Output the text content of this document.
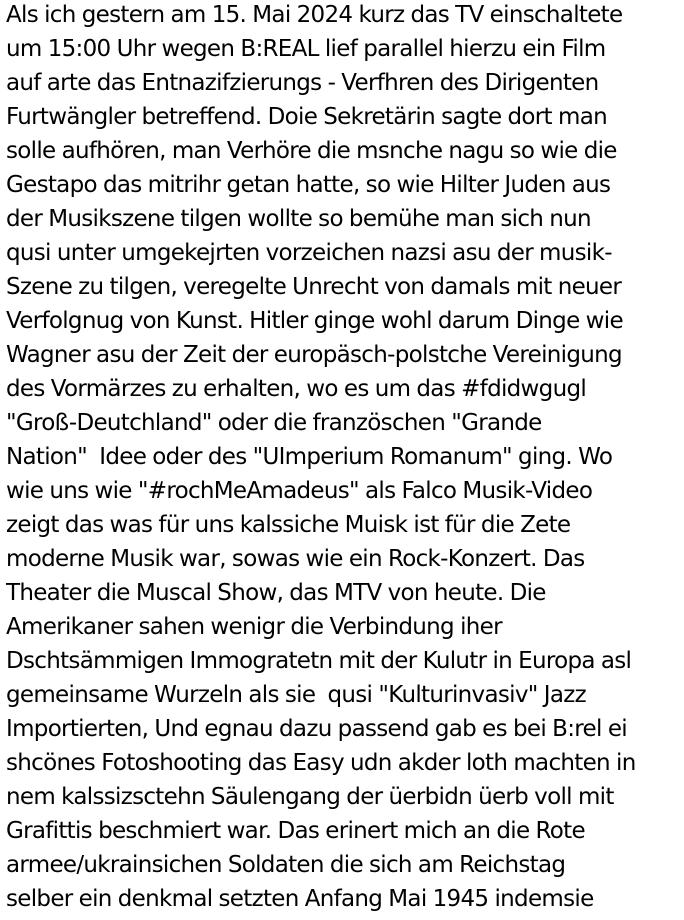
Als ich gestern am 15. Mai 2024 kurz das TV einschaltete
um 15:00 Uhr wegen B:REAL lief parallel hierzu ein Film
auf arte das Entnazifzierungs - Verfhren des Dirigenten
Furtwängler betreffend. Doie Sekretärin sagte dort man
solle aufhören, man Verhöre die msnche nagu so wie die
Gestapo das mitrihr getan hatte, so wie Hilter Juden aus
der Musikszene tilgen wollte so bemühe man sich nun
qusi unter umgekejrten vorzeichen nazsi asu der musik-
Szene zu tilgen, veregelte Unrecht von damals mit neuer
Verfolgnug von Kunst. Hitler ginge wohl darum Dinge wie
Wagner asu der Zeit der europäsch-polstche Vereinigung
des Vormärzes zu erhalten, wo es um das #fdidwgugl
"Groß-Deutchland" oder die französchen "Grande
Nation"  Idee oder des "UImperium Romanum" ging. Wo
wie uns wie "#rochMeAmadeus" als Falco Musik-Video
zeigt das was für uns kalssiche Muisk ist für die Zete
moderne Musik war, sowas wie ein Rock-Konzert. Das
Theater die Muscal Show, das MTV von heute. Die
Amerikaner sahen wenigr die Verbindung iher
Dschtsämmigen Immogratetn mit der Kulutr in Europa asl
gemeinsame Wurzeln als sie  qusi "Kulturinvasiv" Jazz
Importierten, Und egnau dazu passend gab es bei B:rel ei
shcönes Fotoshooting das Easy udn akder loth machten in
nem kalssizsctehn Säulengang der üerbidn üerb voll mit
Grafittis beschmiert war. Das erinert mich an die Rote
armee/ukrainsichen Soldaten die sich am Reichstag
selber ein denkmal setzten Anfang Mai 1945 indemsie
